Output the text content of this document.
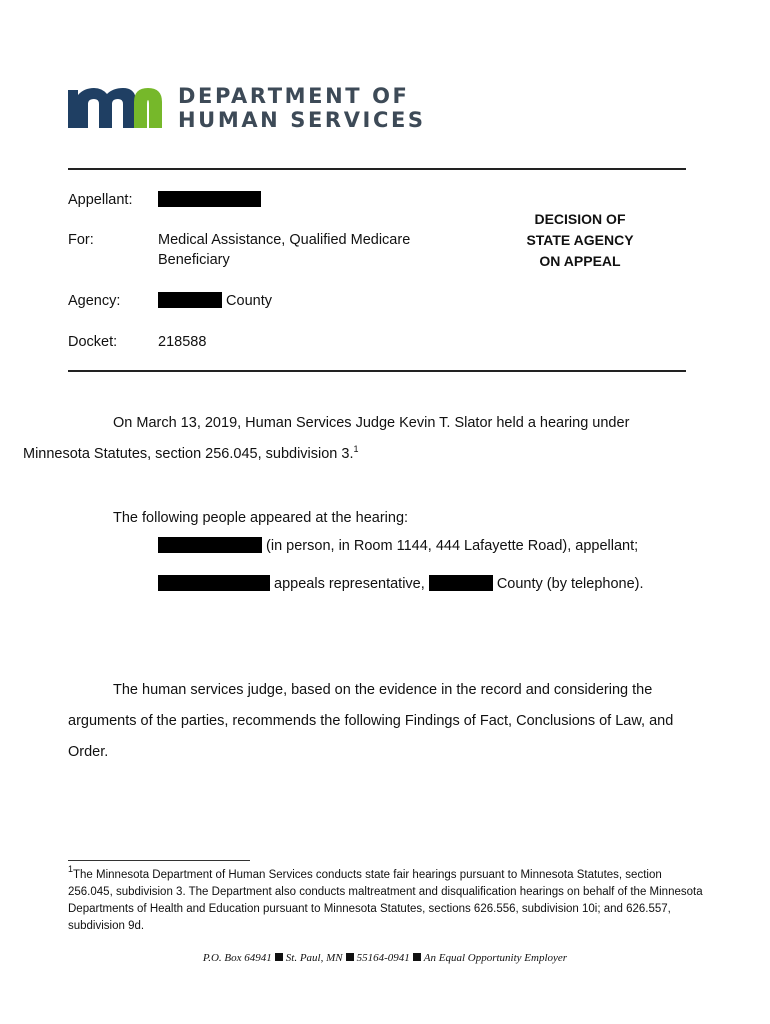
DEPARTMENT OF
HUMAN SERVICES
Appellant:
For:	Medical Assistance, Qualified Medicare
Beneficiary
DECISION OF
STATE AGENCY
ON APPEAL
Agency:	County
Docket:	218588
On March 13, 2019, Human Services Judge Kevin T. Slator held a hearing under
Minnesota Statutes, section 256.045, subdivision 3.$^1$
The following people appeared at the hearing:
(in person, in Room 1144, 444 Lafayette Road), appellant;
appeals representative,	County (by telephone).
The human services judge, based on the evidence in the record and considering the
arguments of the parties, recommends the following Findings of Fact, Conclusions of Law, and
Order.
$^1$The Minnesota Department of Human Services conducts state fair hearings pursuant to Minnesota Statutes, section 256.045, subdivision 3. The Department also conducts maltreatment and disqualification hearings on behalf of the Minnesota Departments of Health and Education pursuant to Minnesota Statutes, sections 626.556, subdivision 10i; and 626.557, subdivision 9d.
P.O. Box 64941 St. Paul, MN 55164-0941 An Equal Opportunity Employer
